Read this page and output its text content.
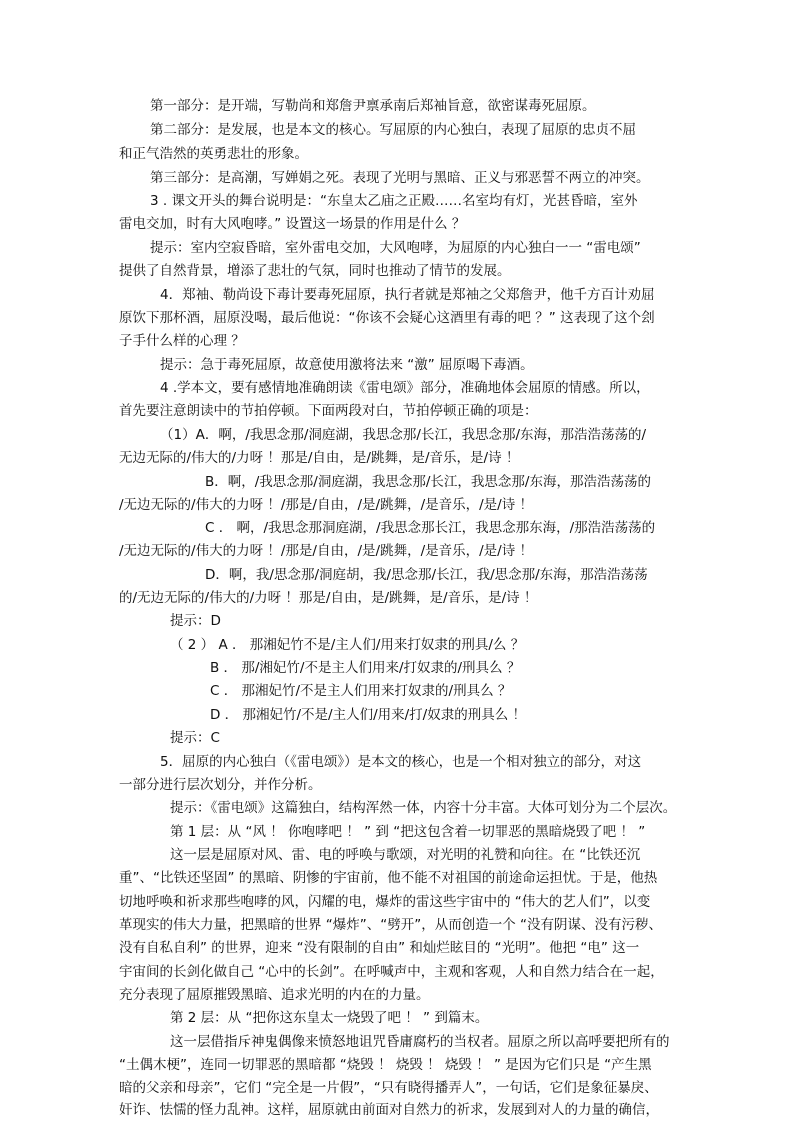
第一部分：是开端，写勒尚和郑詹尹禀承南后郑袖旨意，欲密谋毒死屈原。

第二部分：是发展，也是本文的核心。写屈原的内心独白，表现了屈原的忠贞不屈

和正气浩然的英勇悲壮的形象。

第三部分：是高潮，写婵娟之死。表现了光明与黑暗、正义与邪恶誓不两立的冲突。

3 . 课文开头的舞台说明是：“东皇太乙庙之正殿……名室均有灯，光甚昏暗，室外

雷电交加，时有大风咆哮。” 设置这一场景的作用是什么 ？

提示：室内空寂昏暗，室外雷电交加，大风咆哮，为屈原的内心独白一一 “雷电颂”

提供了自然背景，增添了悲壮的气氛，同时也推动了情节的发展。

4．郑袖、勒尚设下毒计要毒死屈原，执行者就是郑袖之父郑詹尹，他千方百计劝屈

原饮下那杯酒，屈原没喝，最后他说：“你该不会疑心这酒里有毒的吧 ？” 这表现了这个刽

子手什么样的心理 ？

提示：急于毒死屈原，故意使用激将法来 “激” 屈原喝下毒酒。

4 .学本文，要有感情地准确朗读《雷电颂》部分，准确地体会屈原的情感。所以，

首先要注意朗读中的节拍停顿。下面两段对白，节拍停顿正确的项是：

（1）A．啊，/我思念那/洞庭湖，我思念那/长江，我思念那/东海，那浩浩荡荡的/

无边无际的/伟大的/力呀 ！那是/自由，是/跳舞，是/音乐，是/诗 ！

B．啊，/我思念那/洞庭湖，我思念那/长江，我思念那/东海，那浩浩荡荡的

/无边无际的/伟大的力呀 ！/那是/自由，/是/跳舞，/是音乐，/是/诗 ！

C ． 啊，/我思念那洞庭湖，/我思念那长江，我思念那东海，/那浩浩荡荡的

/无边无际的/伟大的力呀 ！/那是/自由，/是/跳舞，/是音乐，/是/诗 ！

D．啊，我/思念那/洞庭胡，我/思念那/长江，我/思念那/东海，那浩浩荡荡

的/无边无际的/伟大的/力呀 ！那是/自由，是/跳舞，是/音乐，是/诗 ！

提示：D

（ 2 ） A ． 那湘妃竹不是/主人们/用来打奴隶的刑具/么 ？

B ． 那/湘妃竹/不是主人们用来/打奴隶的/刑具么 ？

C ． 那湘妃竹/不是主人们用来打奴隶的/刑具么 ？

D ． 那湘妃竹/不是/主人们/用来/打/奴隶的刑具么 ！

提示：C

5．屈原的内心独白（《雷电颂》）是本文的核心，也是一个相对独立的部分，对这

一部分进行层次划分，并作分析。

提示：《雷电颂》这篇独白，结构浑然一体，内容十分丰富。大体可划分为二个层次。

第 1 层：从 “风 ！ 你咆哮吧 ！ ” 到 “把这包含着一切罪恶的黑暗烧毁了吧 ！ ”

这一层是屈原对风、雷、电的呼唤与歌颂，对光明的礼赞和向往。在 “比铁还沉

重”、“比铁还坚固” 的黑暗、阴惨的宇宙前，他不能不对祖国的前途命运担忧。于是，他热

切地呼唤和祈求那些咆哮的风，闪耀的电，爆炸的雷这些宇宙中的 “伟大的艺人们”，以变

革现实的伟大力量，把黑暗的世界 “爆炸”、“劈开”，从而创造一个 “没有阴谋、没有污秽、

没有自私自利” 的世界，迎来 “没有限制的自由” 和灿烂眩目的 “光明”。他把 “电” 这一

宇宙间的长剑化做自己 “心中的长剑”。在呼喊声中，主观和客观，人和自然力结合在一起，

充分表现了屈原摧毁黑暗、追求光明的内在的力量。

第 2 层：从 “把你这东皇太一烧毁了吧 ！ ” 到篇末。

这一层借指斥神鬼偶像来愤怒地诅咒昏庸腐朽的当权者。屈原之所以高呼要把所有的

“土偶木梗”，连同一切罪恶的黑暗都 “烧毁 ！ 烧毁 ！ 烧毁 ！ ” 是因为它们只是 “产生黑

暗的父亲和母亲”，它们 “完全是一片假”，“只有晓得播弄人”，一句话，它们是象征暴戾、

奸诈、怯懦的怪力乱神。这样，屈原就由前面对自然力的祈求，发展到对人的力量的确信，
